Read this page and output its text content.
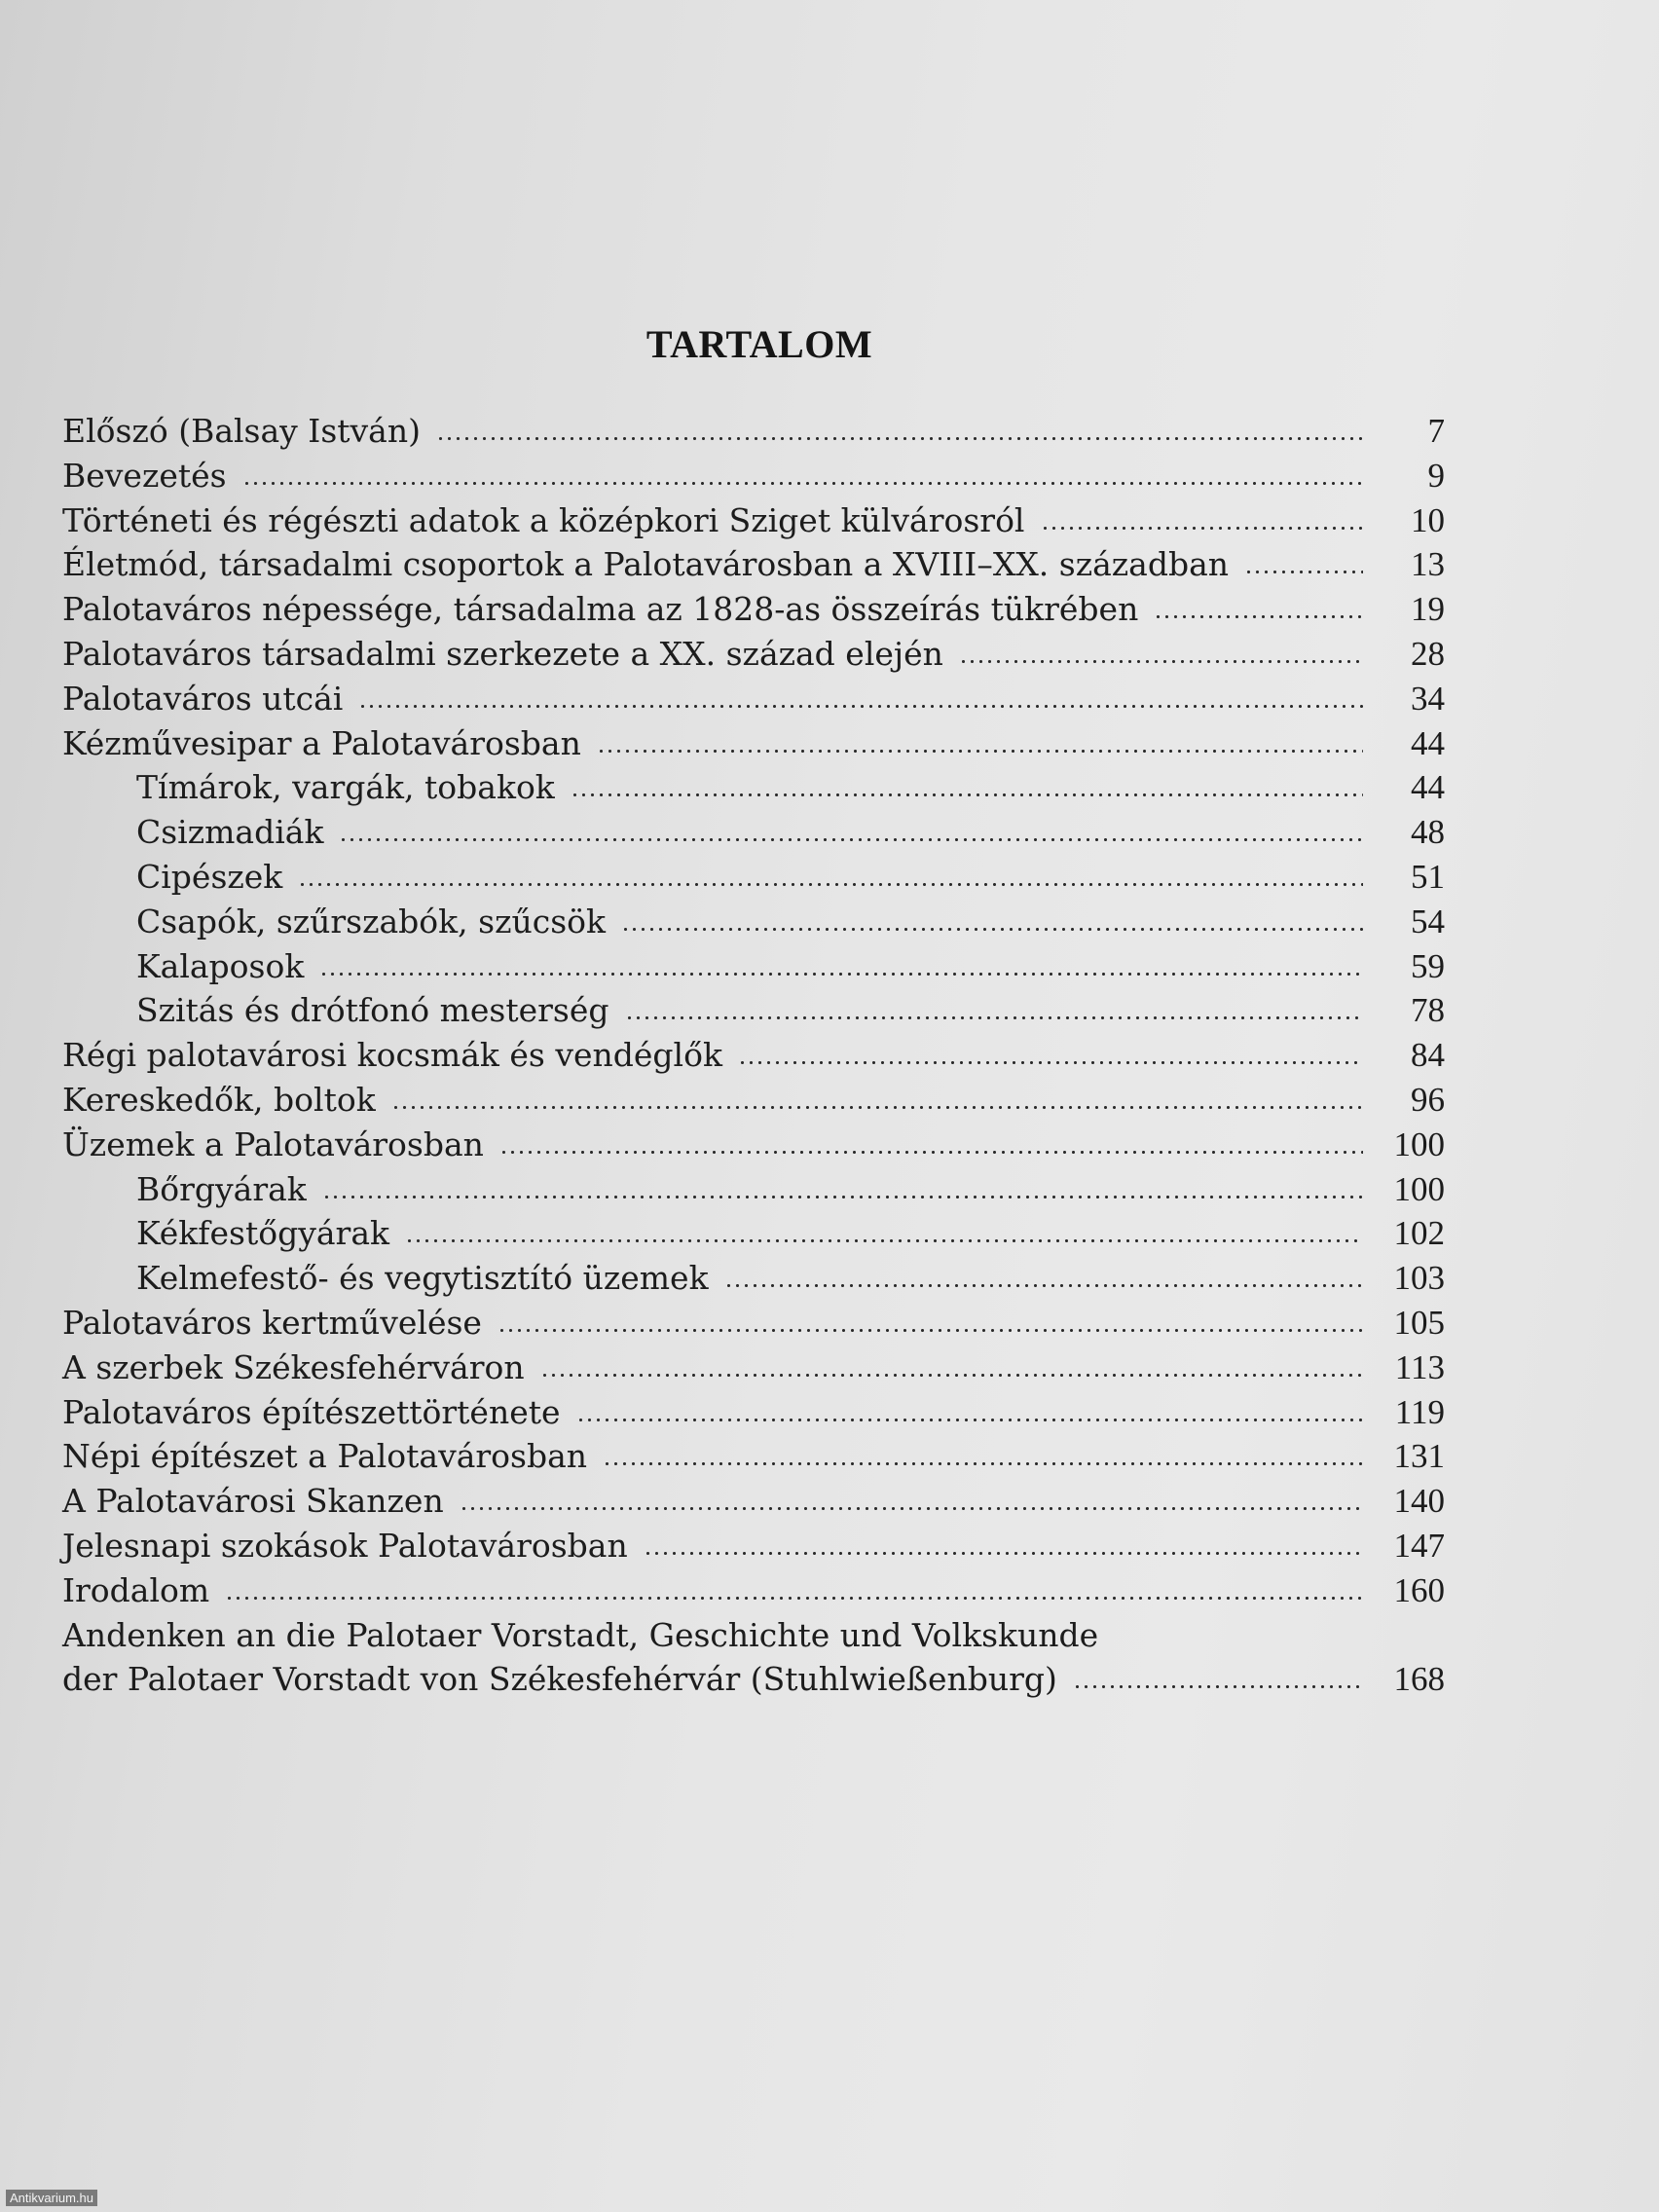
TARTALOM
Előszó (Balsay István)	7
Bevezetés	9
Történeti és régészti adatok a középkori Sziget külvárosról	10
Életmód, társadalmi csoportok a Palotavárosban a XVIII–XX. században	13
Palotaváros népessége, társadalma az 1828-as összeírás tükrében	19
Palotaváros társadalmi szerkezete a XX. század elején	28
Palotaváros utcái	34
Kézművesipar a Palotavárosban	44
Tímárok, vargák, tobakok	44
Csizmadiák	48
Cipészek	51
Csapók, szűrszabók, szűcsök	54
Kalaposok	59
Szitás és drótfonó mesterség	78
Régi palotavárosi kocsmák és vendéglők	84
Kereskedők, boltok	96
Üzemek a Palotavárosban	100
Bőrgyárak	100
Kékfestőgyárak	102
Kelmefestő- és vegytisztító üzemek	103
Palotaváros kertművelése	105
A szerbek Székesfehérváron	113
Palotaváros építészettörténete	119
Népi építészet a Palotavárosban	131
A Palotavárosi Skanzen	140
Jelesnapi szokások Palotavárosban	147
Irodalom	160
Andenken an die Palotaer Vorstadt, Geschichte und Volkskunde
der Palotaer Vorstadt von Székesfehérvár (Stuhlwießenburg)	168
Antikvarium.hu
